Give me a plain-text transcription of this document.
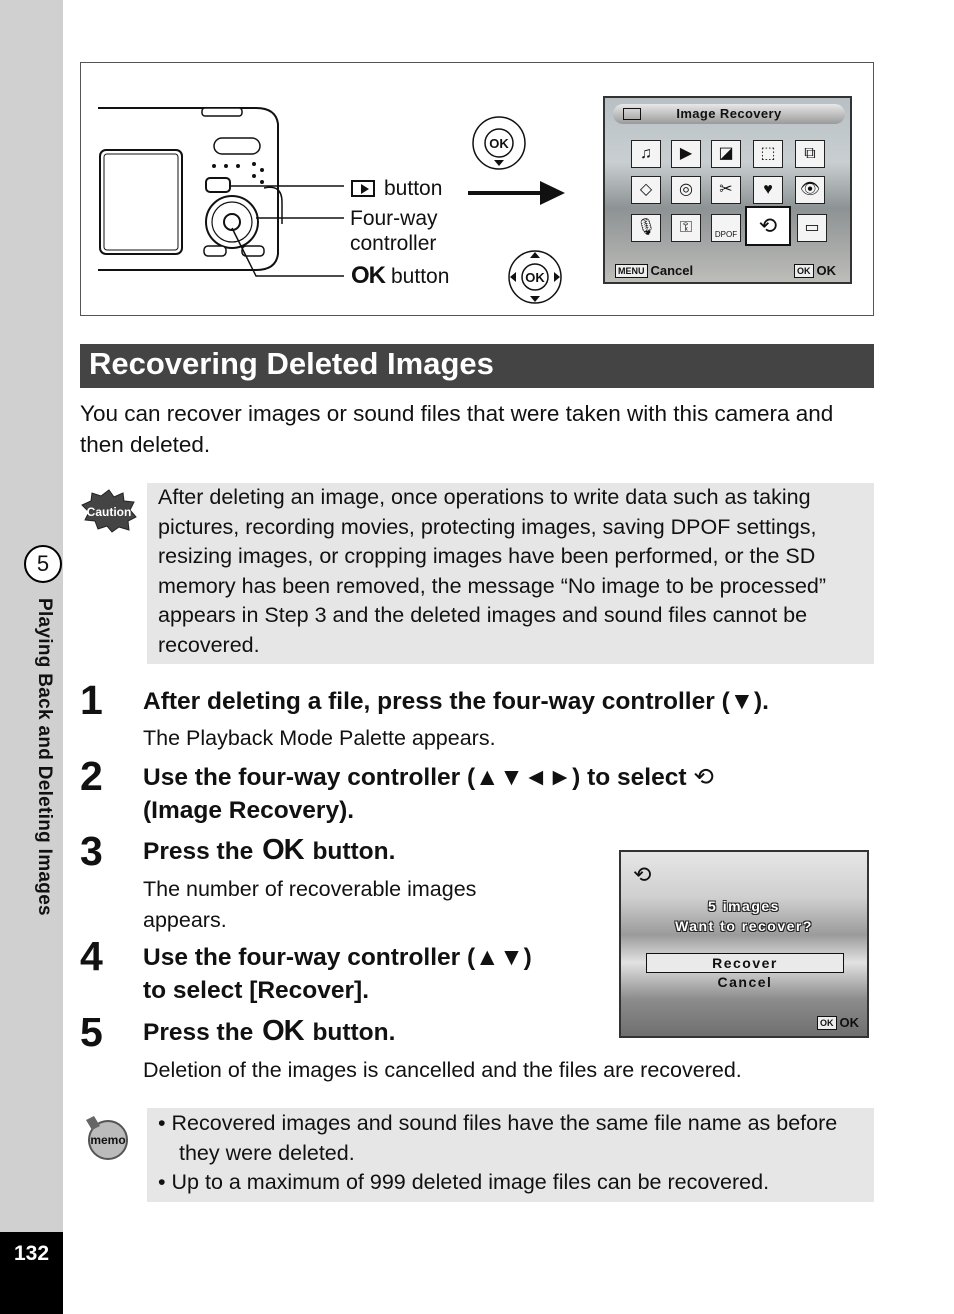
5
Playing Back and Deleting Images
132
button
Four-way
controller
OK button
OK
OK
Image Recovery
♫	▶	◪	⬚	⧉
◇	◎	✂	♥	👁
🎙	⚿	DPOF ⟲	▭
MENU Cancel	OK OK
Recovering Deleted Images
You can recover images or sound files that were taken with this camera and then deleted.
Caution
After deleting an image, once operations to write data such as taking pictures, recording movies, protecting images, saving DPOF settings, resizing images, or cropping images have been performed, or the SD memory has been removed, the message “No image to be processed” appears in Step 3 and the deleted images and sound files cannot be recovered.
1 After deleting a file, press the four-way controller (▼).
The Playback Mode Palette appears.
2 Use the four-way controller (▲▼◄►) to select ⟲
(Image Recovery).
3 Press the OK button.
The number of recoverable images
appears.
4 Use the four-way controller (▲▼)
to select [Recover].
5 Press the OK button.
Deletion of the images is cancelled and the files are recovered.
⟲
5 images
Want to recover?
Recover
Cancel
OK OK
memo
• Recovered images and sound files have the same file name as before they were deleted.
• Up to a maximum of 999 deleted image files can be recovered.
